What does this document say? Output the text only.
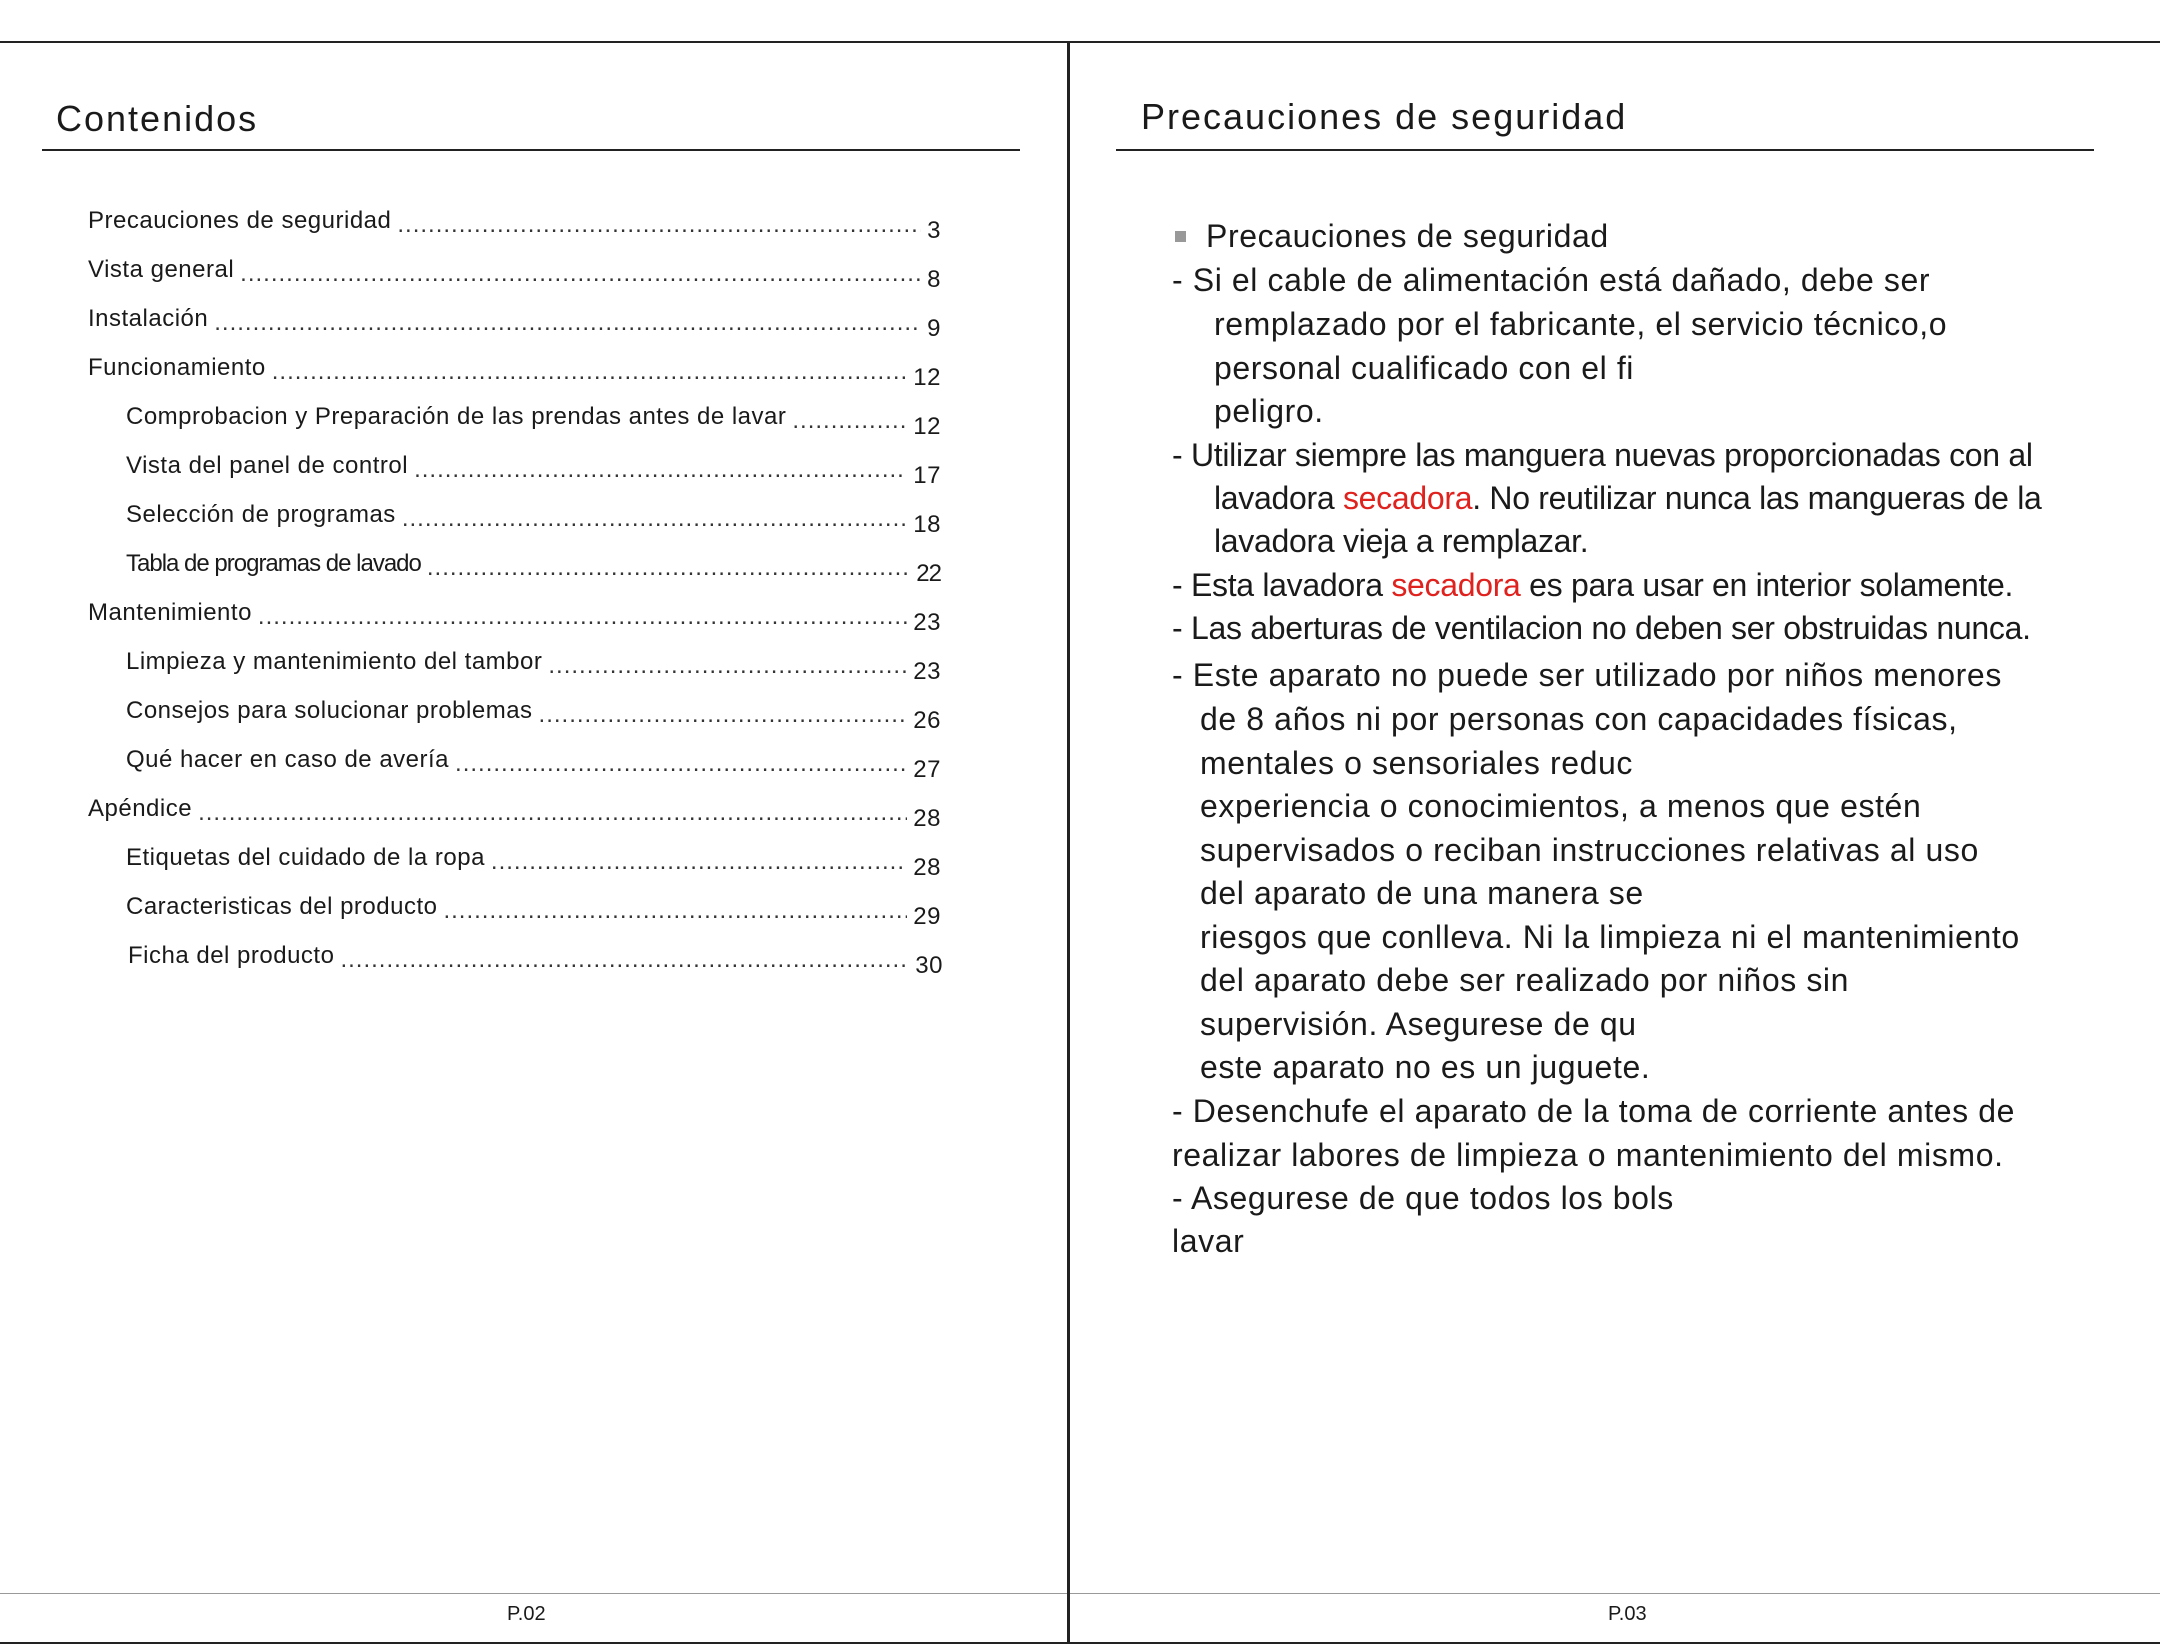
Contenidos
Precauciones de seguridad .....	3
Vista general .....	8
Instalación .....	9
Funcionamiento .....	12
Comprobacion y Preparación de las prendas antes de lavar .....	12
Vista del panel de control .....	17
Selección de programas .....	18
Tabla de programas de lavado .....	22
Mantenimiento .....	23
Limpieza y mantenimiento del tambor .....	23
Consejos para solucionar problemas .....	26
Qué hacer en caso de avería .....	27
Apéndice .....	28
Etiquetas del cuidado de la ropa .....	28
Caracteristicas del producto .....	29
Ficha del producto .....	30
P.02
Precauciones de seguridad
Precauciones de seguridad
- Si el cable de alimentación está dañado, debe ser
remplazado por el fabricante, el servicio técnico,o
personal cualificado con el fi
peligro.
- Utilizar siempre las manguera nuevas proporcionadas con al
lavadora secadora. No reutilizar nunca las mangueras de la
lavadora vieja a remplazar.
- Esta lavadora secadora es para usar en interior solamente.
- Las aberturas de ventilacion no deben ser obstruidas nunca.
- Este aparato no puede ser utilizado por niños menores
de 8 años ni por personas con capacidades físicas,
mentales o sensoriales reduc
experiencia o conocimientos, a menos que estén
supervisados o reciban instrucciones relativas al uso
del aparato de una manera se
riesgos que conlleva. Ni la limpieza ni el mantenimiento
del aparato debe ser realizado por niños sin
supervisión. Asegurese de qu
este aparato no es un juguete.
- Desenchufe el aparato de la toma de corriente antes de
realizar labores de limpieza o mantenimiento del mismo.
- Asegurese de que todos los bols
lavar
P.03
